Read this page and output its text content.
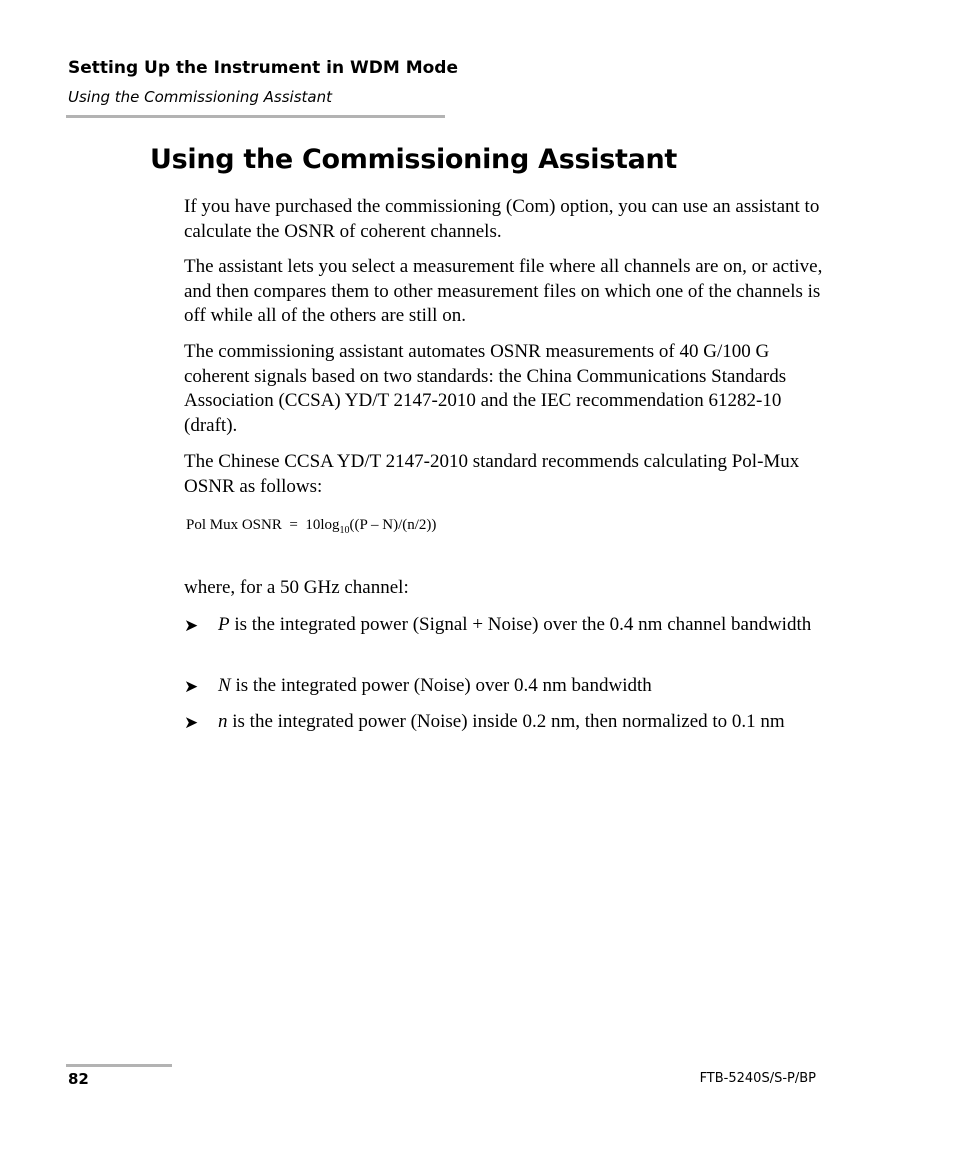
Setting Up the Instrument in WDM Mode
Using the Commissioning Assistant
Using the Commissioning Assistant

If you have purchased the commissioning (Com) option, you can use an assistant to calculate the OSNR of coherent channels.

The assistant lets you select a measurement file where all channels are on, or active, and then compares them to other measurement files on which one of the channels is off while all of the others are still on.

The commissioning assistant automates OSNR measurements of 40 G/100 G coherent signals based on two standards: the China Communications Standards Association (CCSA) YD/T 2147-2010 and the IEC recommendation 61282-10 (draft).

The Chinese CCSA YD/T 2147-2010 standard recommends calculating Pol-Mux OSNR as follows:

Pol Mux OSNR  =  $10\log_{10}((P - N)/(n/2))$

where, for a 50 GHz channel:

➤ P is the integrated power (Signal + Noise) over the 0.4 nm channel bandwidth
➤ N is the integrated power (Noise) over 0.4 nm bandwidth
➤ n is the integrated power (Noise) inside 0.2 nm, then normalized to 0.1 nm
82	FTB-5240S/S-P/BP
